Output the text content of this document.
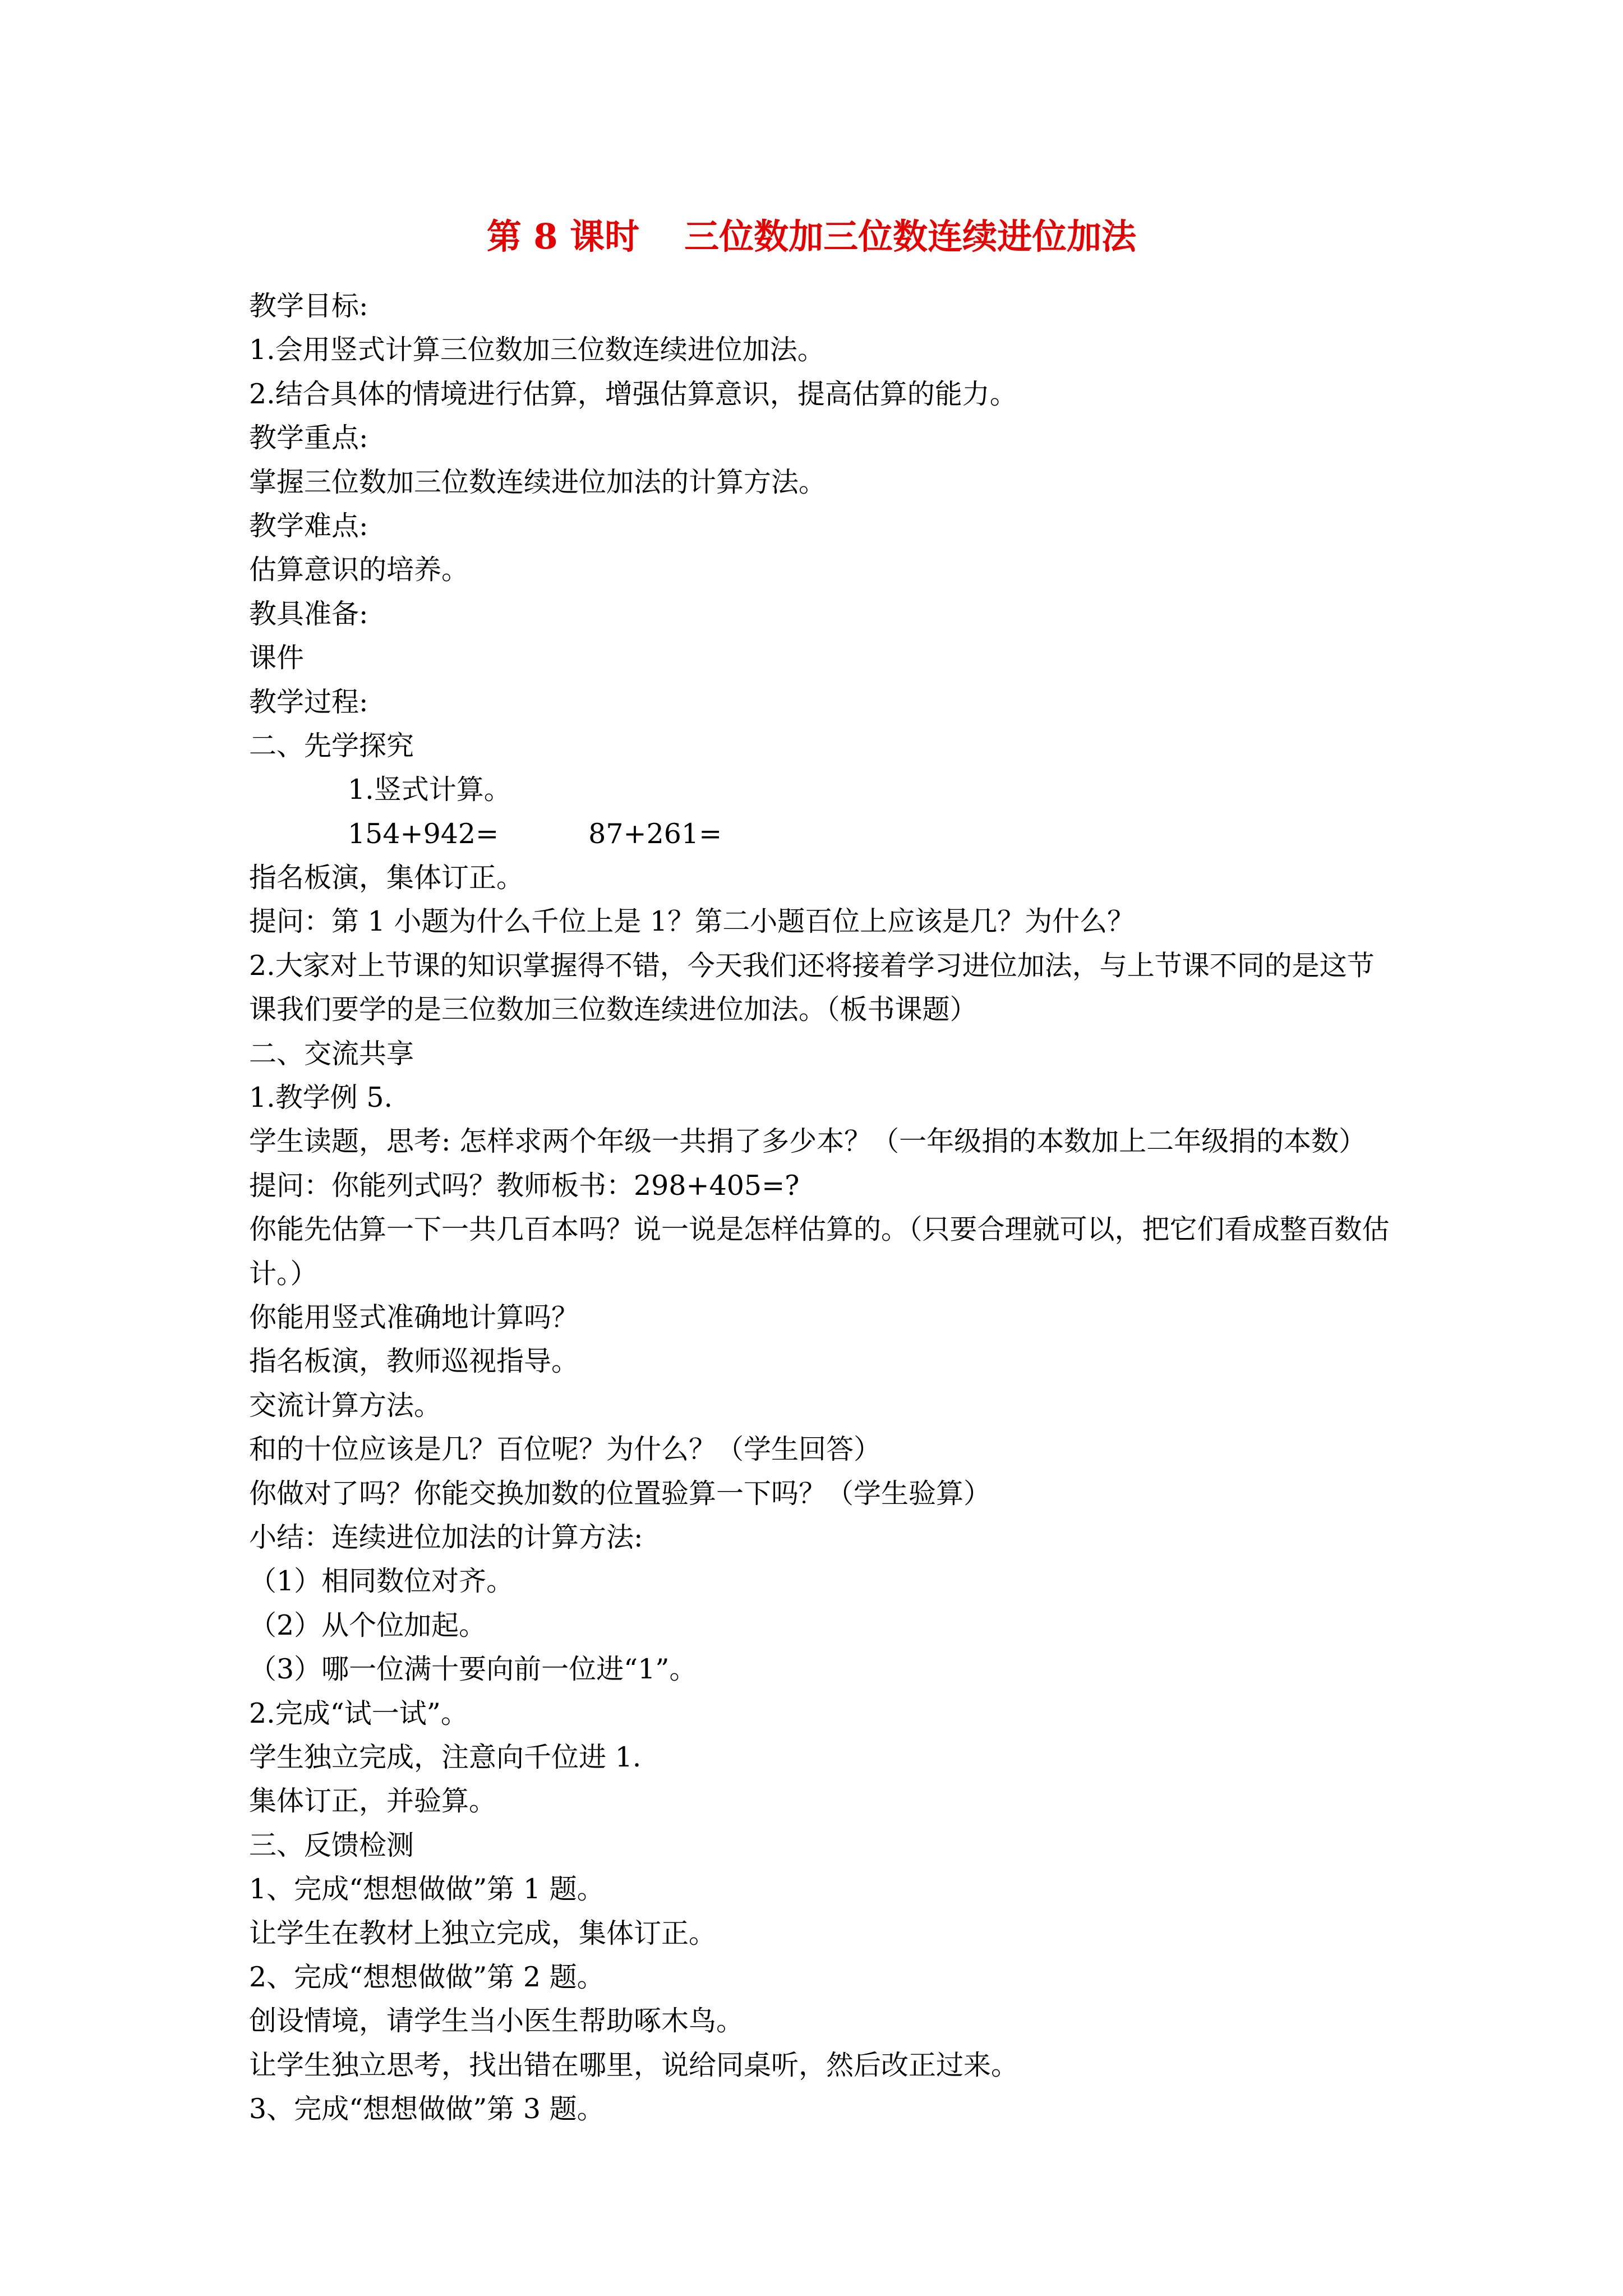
第 8 课时 三位数加三位数连续进位加法
教学目标:
1.会用竖式计算三位数加三位数连续进位加法。
2.结合具体的情境进行估算，增强估算意识，提高估算的能力。
教学重点:
掌握三位数加三位数连续进位加法的计算方法。
教学难点:
估算意识的培养。
教具准备:
课件
教学过程:
二、先学探究
1.竖式计算。
154+942=	87+261=
指名板演，集体订正。
提问：第 1 小题为什么千位上是 1？第二小题百位上应该是几？为什么？
2.大家对上节课的知识掌握得不错，今天我们还将接着学习进位加法，与上节课不同的是这节课我们要学的是三位数加三位数连续进位加法。（板书课题）
二、交流共享
1.教学例 5.
学生读题，思考: 怎样求两个年级一共捐了多少本？（一年级捐的本数加上二年级捐的本数）
提问：你能列式吗？教师板书：298+405=?
你能先估算一下一共几百本吗？说一说是怎样估算的。（只要合理就可以，把它们看成整百数估计。）
你能用竖式准确地计算吗？
指名板演，教师巡视指导。
交流计算方法。
和的十位应该是几？百位呢？为什么？（学生回答）
你做对了吗？你能交换加数的位置验算一下吗？（学生验算）
小结：连续进位加法的计算方法:
（1）相同数位对齐。
（2）从个位加起。
（3）哪一位满十要向前一位进“1”。
2.完成“试一试”。
学生独立完成，注意向千位进 1.
集体订正，并验算。
三、反馈检测
1、完成“想想做做”第 1 题。
让学生在教材上独立完成，集体订正。
2、完成“想想做做”第 2 题。
创设情境，请学生当小医生帮助啄木鸟。
让学生独立思考，找出错在哪里，说给同桌听，然后改正过来。
3、完成“想想做做”第 3 题。
